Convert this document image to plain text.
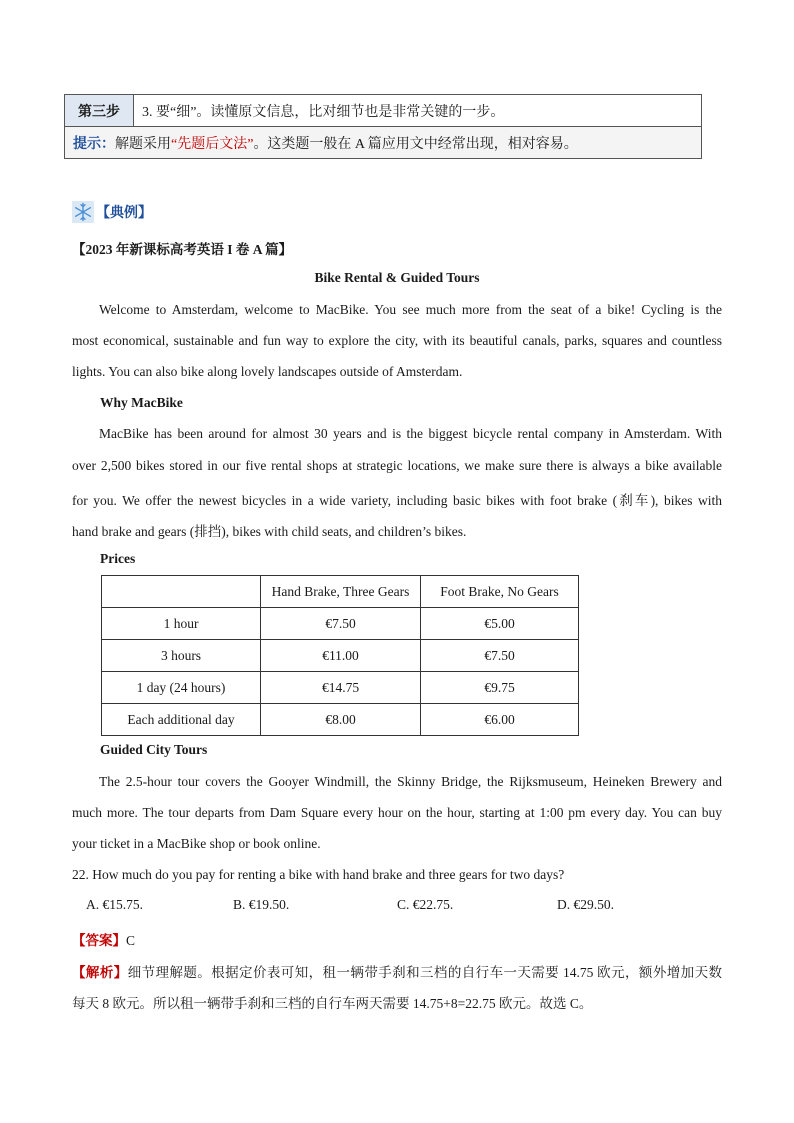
第三步	3. 要“细”。读懂原文信息，比对细节也是非常关键的一步。
提示：解题采用“先题后文法”。这类题一般在 A 篇应用文中经常出现，相对容易。
【典例】
【2023 年新课标高考英语 I 卷 A 篇】
Bike Rental & Guided Tours
Welcome to Amsterdam, welcome to MacBike. You see much more from the seat of a bike! Cycling is the
most economical, sustainable and fun way to explore the city, with its beautiful canals, parks, squares and countless
lights. You can also bike along lovely landscapes outside of Amsterdam.
Why MacBike
MacBike has been around for almost 30 years and is the biggest bicycle rental company in Amsterdam. With
over 2,500 bikes stored in our five rental shops at strategic locations, we make sure there is always a bike available
for you. We offer the newest bicycles in a wide variety, including basic bikes with foot brake (刹车), bikes with
hand brake and gears (排挡), bikes with child seats, and children’s bikes.
Prices
	Hand Brake, Three Gears	Foot Brake, No Gears
1 hour	€7.50	€5.00
3 hours	€11.00	€7.50
1 day (24 hours)	€14.75	€9.75
Each additional day	€8.00	€6.00
Guided City Tours
The 2.5-hour tour covers the Gooyer Windmill, the Skinny Bridge, the Rijksmuseum, Heineken Brewery and
much more. The tour departs from Dam Square every hour on the hour, starting at 1:00 pm every day. You can buy
your ticket in a MacBike shop or book online.
22. How much do you pay for renting a bike with hand brake and three gears for two days?
A. €15.75.	B. €19.50.	C. €22.75.	D. €29.50.
【答案】C
【解析】细节理解题。根据定价表可知，租一辆带手刹和三档的自行车一天需要 14.75 欧元，额外增加天数
每天 8 欧元。所以租一辆带手刹和三档的自行车两天需要 14.75+8=22.75 欧元。故选 C。
